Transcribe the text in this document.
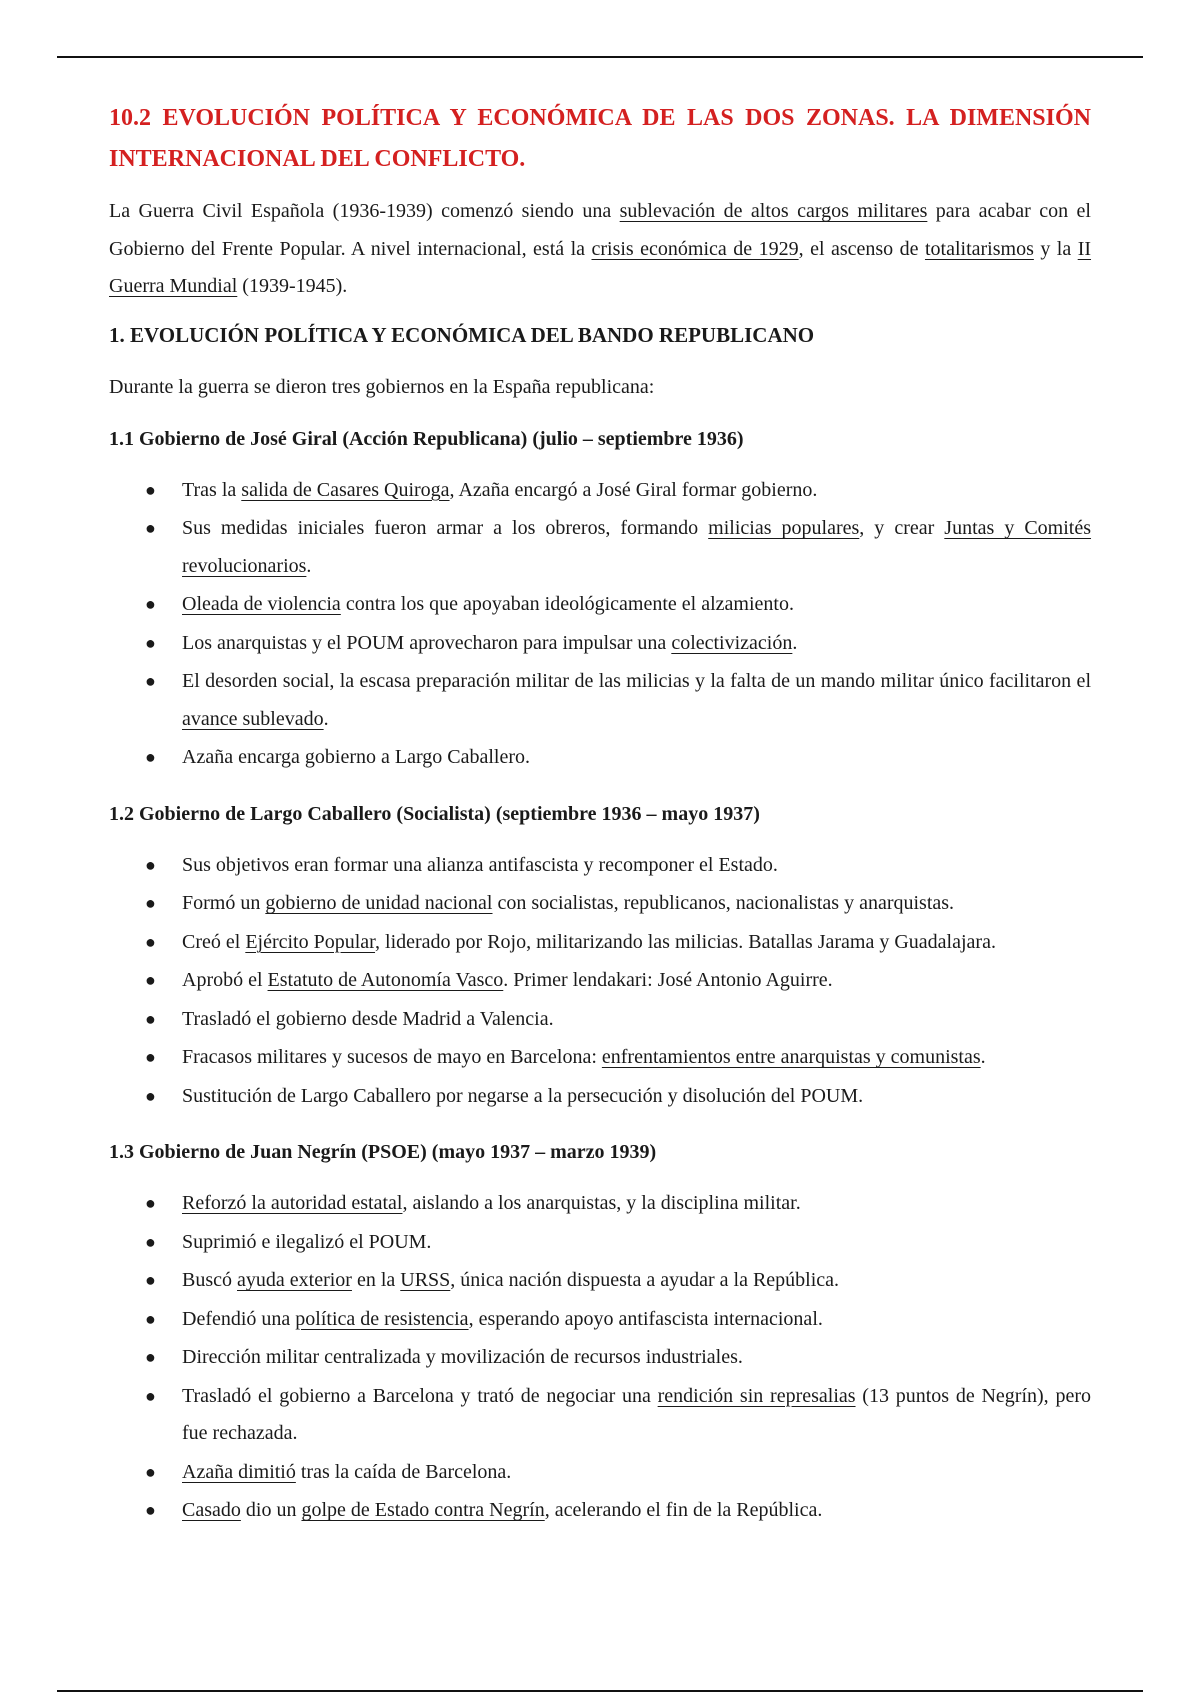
10.2 EVOLUCIÓN POLÍTICA Y ECONÓMICA DE LAS DOS ZONAS. LA DIMENSIÓN INTERNACIONAL DEL CONFLICTO.

La Guerra Civil Española (1936-1939) comenzó siendo una sublevación de altos cargos militares para acabar con el Gobierno del Frente Popular. A nivel internacional, está la crisis económica de 1929, el ascenso de totalitarismos y la II Guerra Mundial (1939-1945).

1. EVOLUCIÓN POLÍTICA Y ECONÓMICA DEL BANDO REPUBLICANO

Durante la guerra se dieron tres gobiernos en la España republicana:

1.1 Gobierno de José Giral (Acción Republicana) (julio – septiembre 1936)
● Tras la salida de Casares Quiroga, Azaña encargó a José Giral formar gobierno.
● Sus medidas iniciales fueron armar a los obreros, formando milicias populares, y crear Juntas y Comités revolucionarios.
● Oleada de violencia contra los que apoyaban ideológicamente el alzamiento.
● Los anarquistas y el POUM aprovecharon para impulsar una colectivización.
● El desorden social, la escasa preparación militar de las milicias y la falta de un mando militar único facilitaron el avance sublevado.
● Azaña encarga gobierno a Largo Caballero.
1.2 Gobierno de Largo Caballero (Socialista) (septiembre 1936 – mayo 1937)
● Sus objetivos eran formar una alianza antifascista y recomponer el Estado.
● Formó un gobierno de unidad nacional con socialistas, republicanos, nacionalistas y anarquistas.
● Creó el Ejército Popular, liderado por Rojo, militarizando las milicias. Batallas Jarama y Guadalajara.
● Aprobó el Estatuto de Autonomía Vasco. Primer lendakari: José Antonio Aguirre.
● Trasladó el gobierno desde Madrid a Valencia.
● Fracasos militares y sucesos de mayo en Barcelona: enfrentamientos entre anarquistas y comunistas.
● Sustitución de Largo Caballero por negarse a la persecución y disolución del POUM.
1.3 Gobierno de Juan Negrín (PSOE) (mayo 1937 – marzo 1939)
● Reforzó la autoridad estatal, aislando a los anarquistas, y la disciplina militar.
● Suprimió e ilegalizó el POUM.
● Buscó ayuda exterior en la URSS, única nación dispuesta a ayudar a la República.
● Defendió una política de resistencia, esperando apoyo antifascista internacional.
● Dirección militar centralizada y movilización de recursos industriales.
● Trasladó el gobierno a Barcelona y trató de negociar una rendición sin represalias (13 puntos de Negrín), pero fue rechazada.
● Azaña dimitió tras la caída de Barcelona.
● Casado dio un golpe de Estado contra Negrín, acelerando el fin de la República.
